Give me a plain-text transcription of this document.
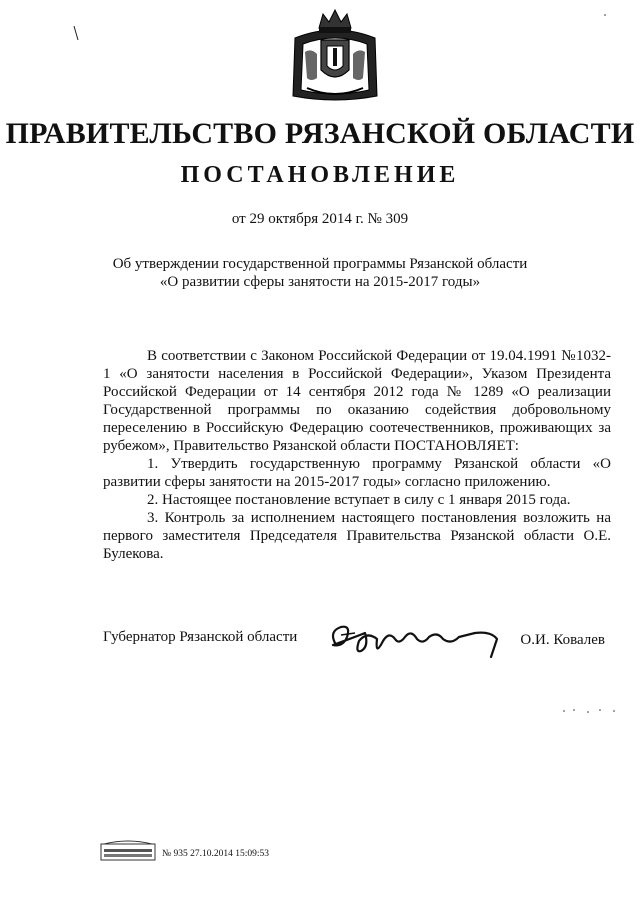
ПРАВИТЕЛЬСТВО РЯЗАНСКОЙ ОБЛАСТИ
ПОСТАНОВЛЕНИЕ
от 29 октября 2014 г. № 309
Об утверждении государственной программы Рязанской области
«О развитии сферы занятости на 2015-2017 годы»

В соответствии с Законом Российской Федерации от 19.04.1991 №1032-1 «О занятости населения в Российской Федерации», Указом Президента Российской Федерации от 14 сентября 2012 года № 1289 «О реализации Государственной программы по оказанию содействия добровольному переселению в Российскую Федерацию соотечественников, проживающих за рубежом», Правительство Рязанской области ПОСТАНОВЛЯЕТ:

1. Утвердить государственную программу Рязанской области «О развитии сферы занятости на 2015-2017 годы» согласно приложению.

2. Настоящее постановление вступает в силу с 1 января 2015 года.

3. Контроль за исполнением настоящего постановления возложить на первого заместителя Председателя Правительства Рязанской области О.Е. Булекова.

Губернатор Рязанской области	О.И. Ковалев
№ 935 27.10.2014 15:09:53
